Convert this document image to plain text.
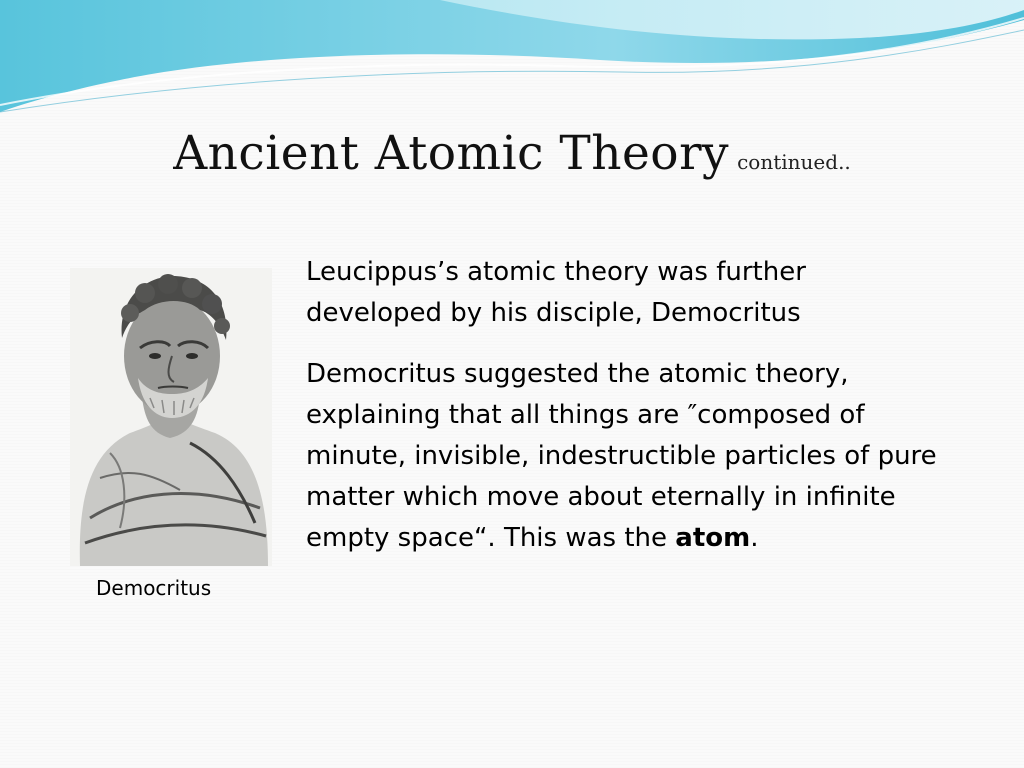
Ancient Atomic Theory continued..
Democritus

Leucippus’s atomic theory was further developed by his disciple, Democritus

Democritus suggested the atomic theory, explaining that all things are ″composed of minute, invisible, indestructible particles of pure matter which move about eternally in infinite empty space“. This was the atom.
